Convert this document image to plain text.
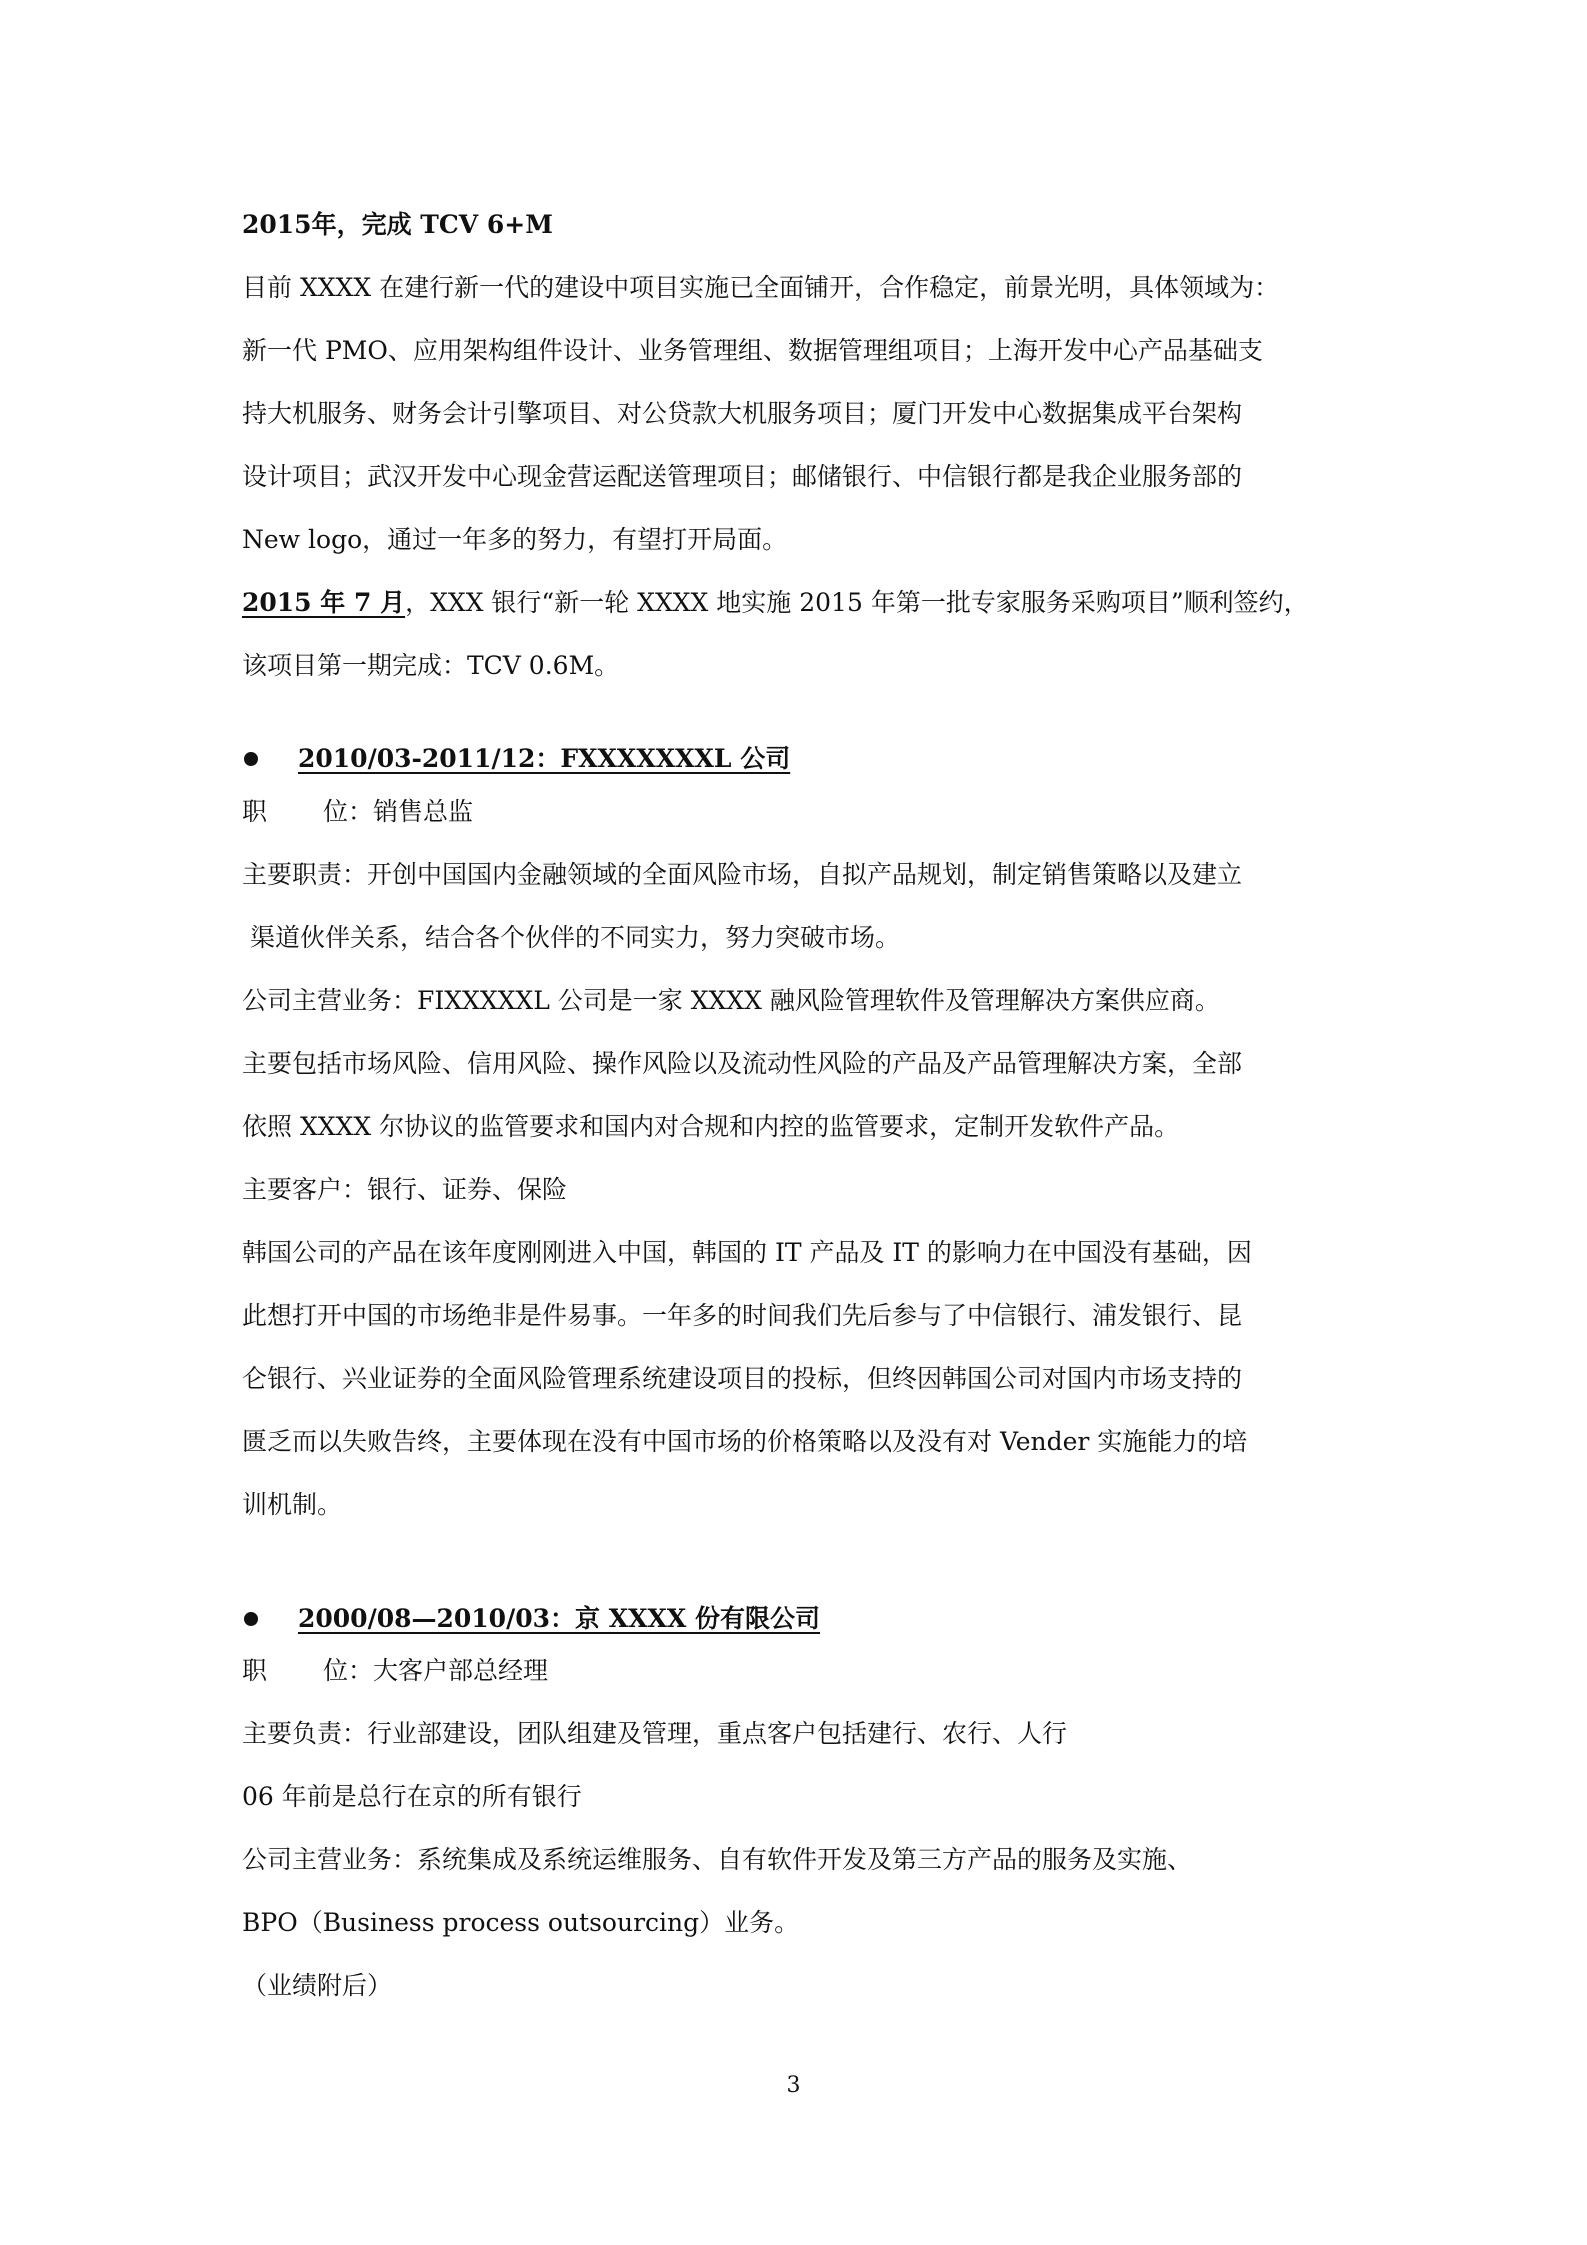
2015年，完成 TCV 6+M
目前 XXXX 在建行新一代的建设中项目实施已全面铺开，合作稳定，前景光明，具体领域为：
新一代 PMO、应用架构组件设计、业务管理组、数据管理组项目；上海开发中心产品基础支
持大机服务、财务会计引擎项目、对公贷款大机服务项目；厦门开发中心数据集成平台架构
设计项目；武汉开发中心现金营运配送管理项目；邮储银行、中信银行都是我企业服务部的
New logo，通过一年多的努力，有望打开局面。
2015 年 7 月，XXX 银行“新一轮 XXXX 地实施 2015 年第一批专家服务采购项目”顺利签约，
该项目第一期完成：TCV 0.6M。
2010/03-2011/12：FXXXXXXXL 公司
职 位：销售总监
主要职责：开创中国国内金融领域的全面风险市场，自拟产品规划，制定销售策略以及建立
渠道伙伴关系，结合各个伙伴的不同实力，努力突破市场。
公司主营业务：FIXXXXXL 公司是一家 XXXX 融风险管理软件及管理解决方案供应商。
主要包括市场风险、信用风险、操作风险以及流动性风险的产品及产品管理解决方案，全部
依照 XXXX 尔协议的监管要求和国内对合规和内控的监管要求，定制开发软件产品。
主要客户：银行、证券、保险
韩国公司的产品在该年度刚刚进入中国，韩国的 IT 产品及 IT 的影响力在中国没有基础，因
此想打开中国的市场绝非是件易事。一年多的时间我们先后参与了中信银行、浦发银行、昆
仑银行、兴业证券的全面风险管理系统建设项目的投标，但终因韩国公司对国内市场支持的
匮乏而以失败告终，主要体现在没有中国市场的价格策略以及没有对 Vender 实施能力的培
训机制。
2000/08—2010/03：京 XXXX 份有限公司
职 位：大客户部总经理
主要负责：行业部建设，团队组建及管理，重点客户包括建行、农行、人行
06 年前是总行在京的所有银行
公司主营业务：系统集成及系统运维服务、自有软件开发及第三方产品的服务及实施、
BPO（Business process outsourcing）业务。
（业绩附后）
3
